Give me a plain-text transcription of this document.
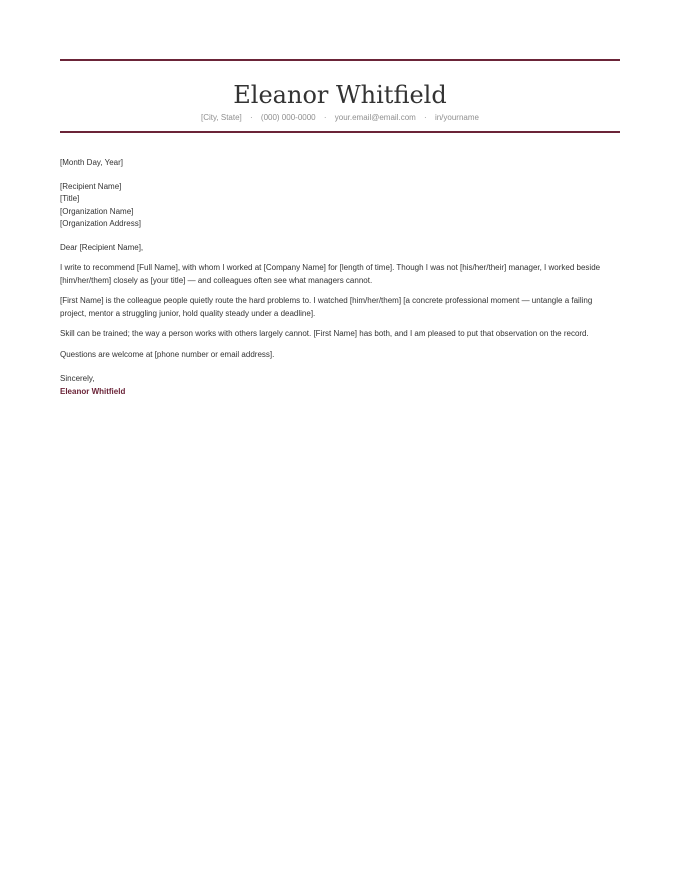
Eleanor Whitfield
[City, State] · (000) 000-0000 · your.email@email.com · in/yourname

[Month Day, Year]

[Recipient Name]

[Title]

[Organization Name]

[Organization Address]

Dear [Recipient Name],

I write to recommend [Full Name], with whom I worked at [Company Name] for [length of time]. Though I was not [his/her/their] manager, I worked beside [him/her/them] closely as [your title] — and colleagues often see what managers cannot.

[First Name] is the colleague people quietly route the hard problems to. I watched [him/her/them] [a concrete professional moment — untangle a failing project, mentor a struggling junior, hold quality steady under a deadline].

Skill can be trained; the way a person works with others largely cannot. [First Name] has both, and I am pleased to put that observation on the record.

Questions are welcome at [phone number or email address].

Sincerely,

Eleanor Whitfield
